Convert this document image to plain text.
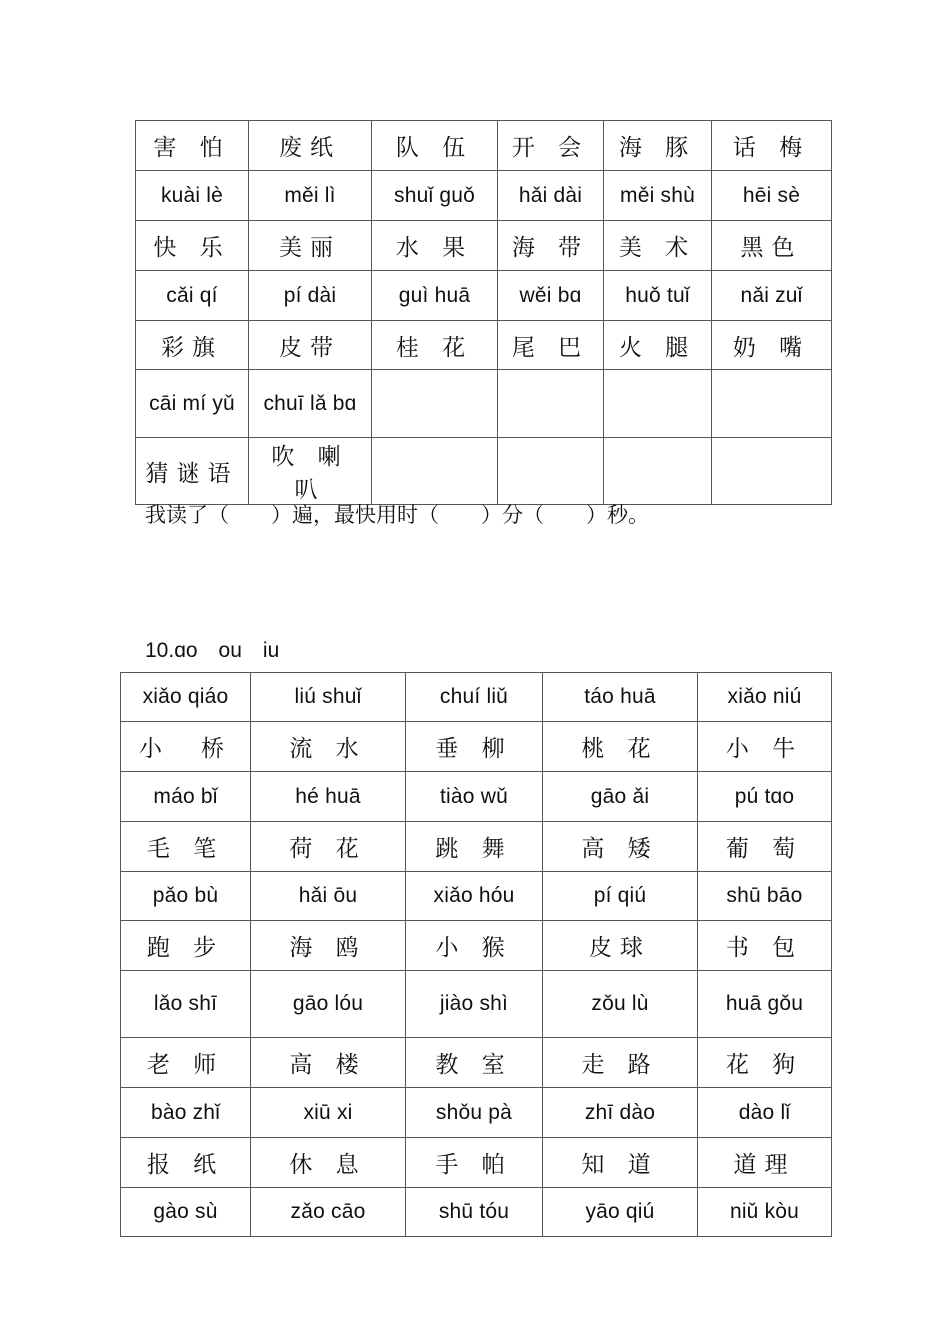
害 怕	废纸	队 伍	开 会	海 豚	话 梅
kuài lè	měi lì	shuǐ guǒ	hǎi dài	měi shù	hēi sè
快 乐	美丽	水 果	海 带	美 术	黑色
cǎi qí	pí dài	guì huā	wěi bɑ	huǒ tuǐ	nǎi zuǐ
彩旗	皮带	桂 花	尾 巴	火 腿	奶 嘴
cāi mí yǔ	chuī lǎ bɑ				
猜谜语	吹 喇 叭				
我读了（　　）遍，最快用时（　　）分（　　）秒。
10.ɑo　ou　iu
xiǎo qiáo	liú shuǐ	chuí liǔ	táo huā	xiǎo niú
小　桥	流 水	垂 柳	桃 花	小 牛
máo bǐ	hé huā	tiào wǔ	gāo ǎi	pú tɑo
毛 笔	荷 花	跳 舞	高 矮	葡 萄
pǎo bù	hǎi ōu	xiǎo hóu	pí qiú	shū bāo
跑 步	海 鸥	小 猴	皮球	书 包
lǎo shī	gāo lóu	jiào shì	zǒu lù	huā gǒu
老 师	高 楼	教 室	走 路	花 狗
bào zhǐ	xiū xi	shǒu pà	zhī dào	dào lǐ
报 纸	休 息	手 帕	知 道	道理
gào sù	zǎo cāo	shū tóu	yāo qiú	niǔ kòu
